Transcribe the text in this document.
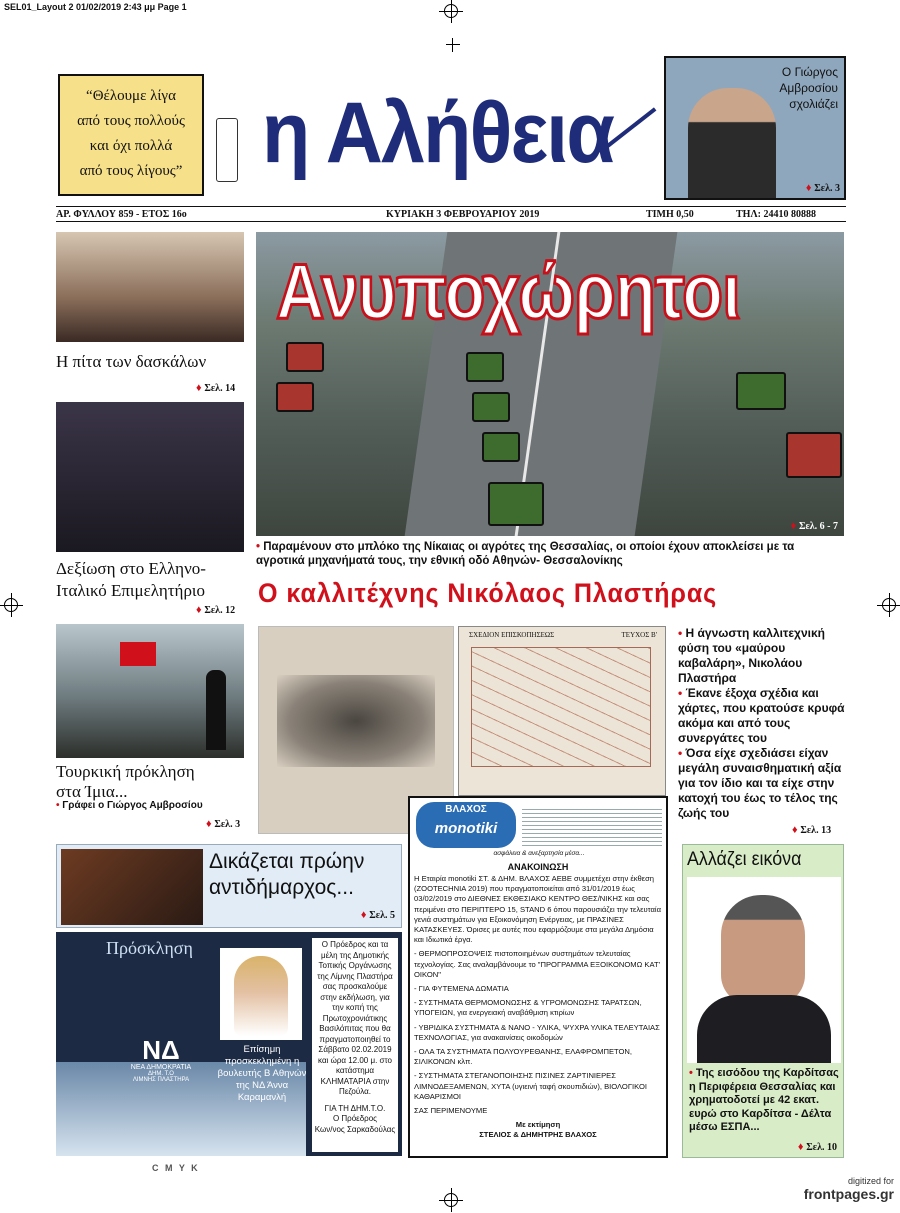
SEL01_Layout 2 01/02/2019 2:43 μμ Page 1
“Θέλουμε λίγα
από τους πολλούς
και όχι πολλά
από τους λίγους” η Αλήθεια
Ο Γιώργος
Αμβροσίου
σχολιάζει
♦ Σελ. 3
ΑΡ. ΦΥΛΛΟΥ 859 - ΕΤΟΣ 16ο	ΚΥΡΙΑΚΗ 3 ΦΕΒΡΟΥΑΡΙΟΥ 2019	ΤΙΜΗ 0,50	ΤΗΛ: 24410 80888
Η πίτα των δασκάλων
♦ Σελ. 14
Δεξίωση στο Ελληνο-
Ιταλικό Επιμελητήριο
♦ Σελ. 12
Τουρκική πρόκληση
στα Ίμια...
• Γράφει ο Γιώργος Αμβροσίου
♦ Σελ. 3
Ανυποχώρητοι
♦ Σελ. 6 - 7
• Παραμένουν στο μπλόκο της Νίκαιας οι αγρότες της Θεσσαλίας, οι οποίοι έχουν αποκλείσει με τα αγροτικά μηχανήματά τους, την εθνική οδό Αθηνών- Θεσσαλονίκης
Ο καλλιτέχνης Νικόλαος Πλαστήρας
ΣΧΕΔΙΟΝ ΕΠΙΣΚΟΠΗΣΕΩΣ	ΤΕΥΧΟΣ Β' • Η άγνωστη καλλιτεχνική φύση του «μαύρου καβαλάρη», Νικολάου Πλαστήρα
• Έκανε έξοχα σχέδια και χάρτες, που κρατούσε κρυφά ακόμα και από τους συνεργάτες του
• Όσα είχε σχεδιάσει είχαν μεγάλη συναισθηματική αξία για τον ίδιο και τα είχε στην κατοχή του έως το τέλος της ζωής του
♦ Σελ. 13
Δικάζεται πρώην
αντιδήμαρχος...
♦ Σελ. 5
Πρόσκληση
ΝΔ
ΝΕΑ ΔΗΜΟΚΡΑΤΙΑ
ΔΗΜ. Τ.Ο
ΛΙΜΝΗΣ ΠΛΑΣΤΗΡΑ
Επίσημη προσκεκλημένη η βουλευτής Β Αθηνών της ΝΔ Άννα Καραμανλή
Ο Πρόεδρος και τα μέλη της Δημοτικής Τοπικής Οργάνωσης της Λίμνης Πλαστήρα σας προσκαλούμε στην εκδήλωση, για την κοπή της Πρωτοχρονιάτικης Βασιλόπιτας που θα πραγματοποιηθεί το Σάββατο 02.02.2019 και ώρα 12.00 μ. στο κατάστημα ΚΛΗΜΑΤΑΡΙΑ στην Πεζούλα.
ΓΙΑ ΤΗ ΔΗΜ.Τ.Ο.
Ο Πρόεδρος
Κων/νος Σαρκαδούλας
ΒΛΑΧΟΣ
monotiki
ασφάλεια & ανεξαρτησία μέσα...
ΑΝΑΚΟΙΝΩΣΗ
Η Εταιρία monotiki ΣΤ. & ΔΗΜ. ΒΛΑΧΟΣ ΑΕΒΕ συμμετέχει στην έκθεση (ZOOTECHNIA 2019) που πραγματοποιείται από 31/01/2019 έως 03/02/2019 στο ΔΙΕΘΝΕΣ ΕΚΘΕΣΙΑΚΟ ΚΕΝΤΡΟ ΘΕΣ/ΝΙΚΗΣ και σας περιμένει στο ΠΕΡΙΠΤΕΡΟ 15, STAND 6 όπου παρουσιάζει την τελευταία γενιά συστημάτων για Εξοικονόμηση Ενέργειας, με ΠΡΑΣΙΝΕΣ ΚΑΤΑΣΚΕΥΕΣ. Όρισες με αυτές που εφαρμόζουμε στα μεγάλα Δημόσια και Ιδιωτικά έργα.
- ΘΕΡΜΟΠΡΟΣΟΨΕΙΣ πιστοποιημένων συστημάτων τελευταίας τεχνολογίας. Σας αναλαμβάνουμε το "ΠΡΟΓΡΑΜΜΑ ΕΞΟΙΚΟΝΟΜΩ ΚΑΤ' ΟΙΚΟΝ"
- ΓΙΑ ΦΥΤΕΜΕΝΑ ΔΩΜΑΤΙΑ
- ΣΥΣΤΗΜΑΤΑ ΘΕΡΜΟΜΟΝΩΣΗΣ & ΥΓΡΟΜΟΝΩΣΗΣ ΤΑΡΑΤΣΩΝ, ΥΠΟΓΕΙΩΝ, για ενεργειακή αναβάθμιση κτιρίων
- ΥΒΡΙΔΙΚΑ ΣΥΣΤΗΜΑΤΑ & NANO - ΥΛΙΚΑ, ΨΥΧΡΑ ΥΛΙΚΑ ΤΕΛΕΥΤΑΙΑΣ ΤΕΧΝΟΛΟΓΙΑΣ, για ανακαινίσεις οικοδομών
- ΟΛΑ ΤΑ ΣΥΣΤΗΜΑΤΑ ΠΟΛΥΟΥΡΕΘΑΝΗΣ, ΕΛΑΦΡΟΜΠΕΤΟΝ, ΣΙΛΙΚΟΝΩΝ κλπ.
- ΣΥΣΤΗΜΑΤΑ ΣΤΕΓΑΝΟΠΟΙΗΣΗΣ ΠΙΣΙΝΕΣ ΖΑΡΤΙΝΙΕΡΕΣ ΛΙΜΝΟΔΕΞΑΜΕΝΩΝ, ΧΥΤΑ (υγιεινή ταφή σκουπιδιών), ΒΙΟΛΟΓΙΚΟΙ ΚΑΘΑΡΙΣΜΟΙ
ΣΑΣ ΠΕΡΙΜΕΝΟΥΜΕ
Με εκτίμηση
ΣΤΕΛΙΟΣ & ΔΗΜΗΤΡΗΣ ΒΛΑΧΟΣ
Αλλάζει εικόνα
• Της εισόδου της Καρδίτσας η Περιφέρεια Θεσσαλίας και χρηματοδοτεί με 42 εκατ. ευρώ στο Καρδίτσα - Δέλτα μέσω ΕΣΠΑ...
♦ Σελ. 10
C M Y K
digitized for
frontpages.gr
